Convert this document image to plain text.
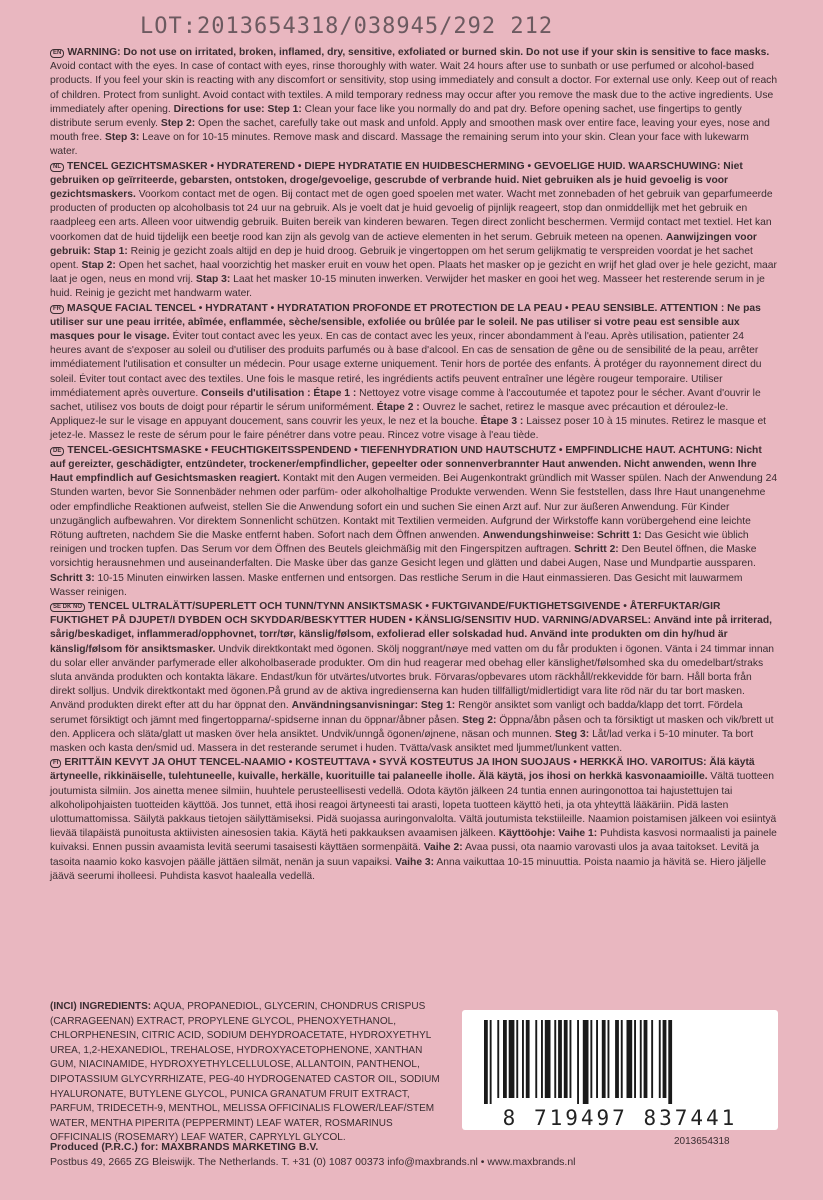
LOT:2013654318/038945/292 212

EN WARNING: Do not use on irritated, broken, inflamed, dry, sensitive, exfoliated or burned skin. Do not use if your skin is sensitive to face masks. Avoid contact with the eyes. In case of contact with eyes, rinse thoroughly with water. Wait 24 hours after use to sunbath or use perfumed or alcohol-based products. If you feel your skin is reacting with any discomfort or sensitivity, stop using immediately and consult a doctor. For external use only. Keep out of reach of children. Protect from sunlight. Avoid contact with textiles. A mild temporary redness may occur after you remove the mask due to the active ingredients. Use immediately after opening. Directions for use: Step 1: Clean your face like you normally do and pat dry. Before opening sachet, use fingertips to gently distribute serum evenly. Step 2: Open the sachet, carefully take out mask and unfold. Apply and smoothen mask over entire face, leaving your eyes, nose and mouth free. Step 3: Leave on for 10-15 minutes. Remove mask and discard. Massage the remaining serum into your skin. Clean your face with lukewarm water.

NL TENCEL GEZICHTSMASKER • HYDRATEREND • DIEPE HYDRATATIE EN HUIDBESCHERMING • GEVOELIGE HUID. WAARSCHUWING: Niet gebruiken op geïrriteerde, gebarsten, ontstoken, droge/gevoelige, gescrubde of verbrande huid. Niet gebruiken als je huid gevoelig is voor gezichtsmaskers. Voorkom contact met de ogen. Bij contact met de ogen goed spoelen met water. Wacht met zonnebaden of het gebruik van geparfumeerde producten of producten op alcoholbasis tot 24 uur na gebruik. Als je voelt dat je huid gevoelig of pijnlijk reageert, stop dan onmiddellijk met het gebruik en raadpleeg een arts. Alleen voor uitwendig gebruik. Buiten bereik van kinderen bewaren. Tegen direct zonlicht beschermen. Vermijd contact met textiel. Het kan voorkomen dat de huid tijdelijk een beetje rood kan zijn als gevolg van de actieve elementen in het serum. Gebruik meteen na openen. Aanwijzingen voor gebruik: Stap 1: Reinig je gezicht zoals altijd en dep je huid droog. Gebruik je vingertoppen om het serum gelijkmatig te verspreiden voordat je het sachet opent. Stap 2: Open het sachet, haal voorzichtig het masker eruit en vouw het open. Plaats het masker op je gezicht en wrijf het glad over je hele gezicht, maar laat je ogen, neus en mond vrij. Stap 3: Laat het masker 10-15 minuten inwerken. Verwijder het masker en gooi het weg. Masseer het resterende serum in je huid. Reinig je gezicht met handwarm water.

FR MASQUE FACIAL TENCEL • HYDRATANT • HYDRATATION PROFONDE ET PROTECTION DE LA PEAU • PEAU SENSIBLE. ATTENTION : Ne pas utiliser sur une peau irritée, abîmée, enflammée, sèche/sensible, exfoliée ou brûlée par le soleil. Ne pas utiliser si votre peau est sensible aux masques pour le visage. Éviter tout contact avec les yeux. En cas de contact avec les yeux, rincer abondamment à l'eau. Après utilisation, patienter 24 heures avant de s'exposer au soleil ou d'utiliser des produits parfumés ou à base d'alcool. En cas de sensation de gêne ou de sensibilité de la peau, arrêter immédiatement l'utilisation et consulter un médecin. Pour usage externe uniquement. Tenir hors de portée des enfants. À protéger du rayonnement direct du soleil. Éviter tout contact avec des textiles. Une fois le masque retiré, les ingrédients actifs peuvent entraîner une légère rougeur temporaire. Utiliser immédiatement après ouverture. Conseils d'utilisation : Étape 1 : Nettoyez votre visage comme à l'accoutumée et tapotez pour le sécher. Avant d'ouvrir le sachet, utilisez vos bouts de doigt pour répartir le sérum uniformément. Étape 2 : Ouvrez le sachet, retirez le masque avec précaution et déroulez-le. Appliquez-le sur le visage en appuyant doucement, sans couvrir les yeux, le nez et la bouche. Étape 3 : Laissez poser 10 à 15 minutes. Retirez le masque et jetez-le. Massez le reste de sérum pour le faire pénétrer dans votre peau. Rincez votre visage à l'eau tiède.

DE TENCEL-GESICHTSMASKE • FEUCHTIGKEITSSPENDEND • TIEFENHYDRATION UND HAUTSCHUTZ • EMPFINDLICHE HAUT. ACHTUNG: Nicht auf gereizter, geschädigter, entzündeter, trockener/empfindlicher, gepeelter oder sonnenverbrannter Haut anwenden. Nicht anwenden, wenn Ihre Haut empfindlich auf Gesichtsmasken reagiert. Kontakt mit den Augen vermeiden. Bei Augenkontrakt gründlich mit Wasser spülen. Nach der Anwendung 24 Stunden warten, bevor Sie Sonnenbäder nehmen oder parfüm- oder alkoholhaltige Produkte verwenden. Wenn Sie feststellen, dass Ihre Haut unangenehme oder empfindliche Reaktionen aufweist, stellen Sie die Anwendung sofort ein und suchen Sie einen Arzt auf. Nur zur äußeren Anwendung. Für Kinder unzugänglich aufbewahren. Vor direktem Sonnenlicht schützen. Kontakt mit Textilien vermeiden. Aufgrund der Wirkstoffe kann vorübergehend eine leichte Rötung auftreten, nachdem Sie die Maske entfernt haben. Sofort nach dem Öffnen anwenden. Anwendungshinweise: Schritt 1: Das Gesicht wie üblich reinigen und trocken tupfen. Das Serum vor dem Öffnen des Beutels gleichmäßig mit den Fingerspitzen auftragen. Schritt 2: Den Beutel öffnen, die Maske vorsichtig herausnehmen und auseinanderfalten. Die Maske über das ganze Gesicht legen und glätten und dabei Augen, Nase und Mundpartie aussparen. Schritt 3: 10-15 Minuten einwirken lassen. Maske entfernen und entsorgen. Das restliche Serum in die Haut einmassieren. Das Gesicht mit lauwarmem Wasser reinigen.

SE DK NO TENCEL ULTRALÄTT/SUPERLETT OCH TUNN/TYNN ANSIKTSMASK • FUKTGIVANDE/FUKTIGHETSGIVENDE • ÅTERFUKTAR/GIR FUKTIGHET PÅ DJUPET/I DYBDEN OCH SKYDDAR/BESKYTTER HUDEN • KÄNSLIG/SENSITIV HUD. VARNING/ADVARSEL: Använd inte på irriterad, sårig/beskadiget, inflammerad/opphovnet, torr/tør, känslig/følsom, exfolierad eller solskadad hud. Använd inte produkten om din hy/hud är känslig/følsom för ansiktsmasker. Undvik direktkontakt med ögonen. Skölj noggrant/nøye med vatten om du får produkten i ögonen. Vänta i 24 timmar innan du solar eller använder parfymerade eller alkoholbaserade produkter. Om din hud reagerar med obehag eller känslighet/følsomhed ska du omedelbart/straks sluta använda produkten och kontakta läkare. Endast/kun för utvärtes/utvortes bruk. Förvaras/opbevares utom räckhåll/rekkevidde för barn. Håll borta från direkt solljus. Undvik direktkontakt med ögonen.På grund av de aktiva ingredienserna kan huden tillfälligt/midlertidigt vara lite röd när du tar bort masken. Använd produkten direkt efter att du har öppnat den. Användningsanvisningar: Steg 1: Rengör ansiktet som vanligt och badda/klapp det torrt. Fördela serumet försiktigt och jämnt med fingertopparna/-spidserne innan du öppnar/åbner påsen. Steg 2: Öppna/åbn påsen och ta försiktigt ut masken och vik/brett ut den. Applicera och släta/glatt ut masken över hela ansiktet. Undvik/unngå ögonen/øjnene, näsan och munnen. Steg 3: Låt/lad verka i 5-10 minuter. Ta bort masken och kasta den/smid ud. Massera in det resterande serumet i huden. Tvätta/vask ansiktet med ljummet/lunkent vatten.

FI ERITTÄIN KEVYT JA OHUT TENCEL-NAAMIO • KOSTEUTTAVA • SYVÄ KOSTEUTUS JA IHON SUOJAUS • HERKKÄ IHO. VAROITUS: Älä käytä ärtyneelle, rikkinäiselle, tulehtuneelle, kuivalle, herkälle, kuorituille tai palaneelle iholle. Älä käytä, jos ihosi on herkkä kasvonaamioille. Vältä tuotteen joutumista silmiin. Jos ainetta menee silmiin, huuhtele perusteellisesti vedellä. Odota käytön jälkeen 24 tuntia ennen auringonottoa tai hajustettujen tai alkoholipohjaisten tuotteiden käyttöä. Jos tunnet, että ihosi reagoi ärtyneesti tai arasti, lopeta tuotteen käyttö heti, ja ota yhteyttä lääkäriin. Pidä lasten ulottumattomissa. Säilytä pakkaus tietojen säilyttämiseksi. Pidä suojassa auringonvalolta. Vältä joutumista tekstiileille. Naamion poistamisen jälkeen voi esiintyä lievää tilapäistä punoitusta aktiivisten ainesosien takia. Käytä heti pakkauksen avaamisen jälkeen. Käyttöohje: Vaihe 1: Puhdista kasvosi normaalisti ja painele kuivaksi. Ennen pussin avaamista levitä seerumi tasaisesti käyttäen sormenpäitä. Vaihe 2: Avaa pussi, ota naamio varovasti ulos ja avaa taitokset. Levitä ja tasoita naamio koko kasvojen päälle jättäen silmät, nenän ja suun vapaiksi. Vaihe 3: Anna vaikuttaa 10-15 minuuttia. Poista naamio ja hävitä se. Hiero jäljelle jäävä seerumi iholleesi. Puhdista kasvot haalealla vedellä.

(INCI) INGREDIENTS: AQUA, PROPANEDIOL, GLYCERIN, CHONDRUS CRISPUS (CARRAGEENAN) EXTRACT, PROPYLENE GLYCOL, PHENOXYETHANOL, CHLORPHENESIN, CITRIC ACID, SODIUM DEHYDROACETATE, HYDROXYETHYL UREA, 1,2-HEXANEDIOL, TREHALOSE, HYDROXYACETOPHENONE, XANTHAN GUM, NIACINAMIDE, HYDROXYETHYLCELLULOSE, ALLANTOIN, PANTHENOL, DIPOTASSIUM GLYCYRRHIZATE, PEG-40 HYDROGENATED CASTOR OIL, SODIUM HYALURONATE, BUTYLENE GLYCOL, PUNICA GRANATUM FRUIT EXTRACT, PARFUM, TRIDECETH-9, MENTHOL, MELISSA OFFICINALIS FLOWER/LEAF/STEM WATER, MENTHA PIPERITA (PEPPERMINT) LEAF WATER, ROSMARINUS OFFICINALIS (ROSEMARY) LEAF WATER, CAPRYLYL GLYCOL.
8 719497 837441
2013654318
Produced (P.R.C.) for: MAXBRANDS MARKETING B.V.
Postbus 49, 2665 ZG Bleiswijk. The Netherlands. T. +31 (0) 1087 00373 info@maxbrands.nl • www.maxbrands.nl
